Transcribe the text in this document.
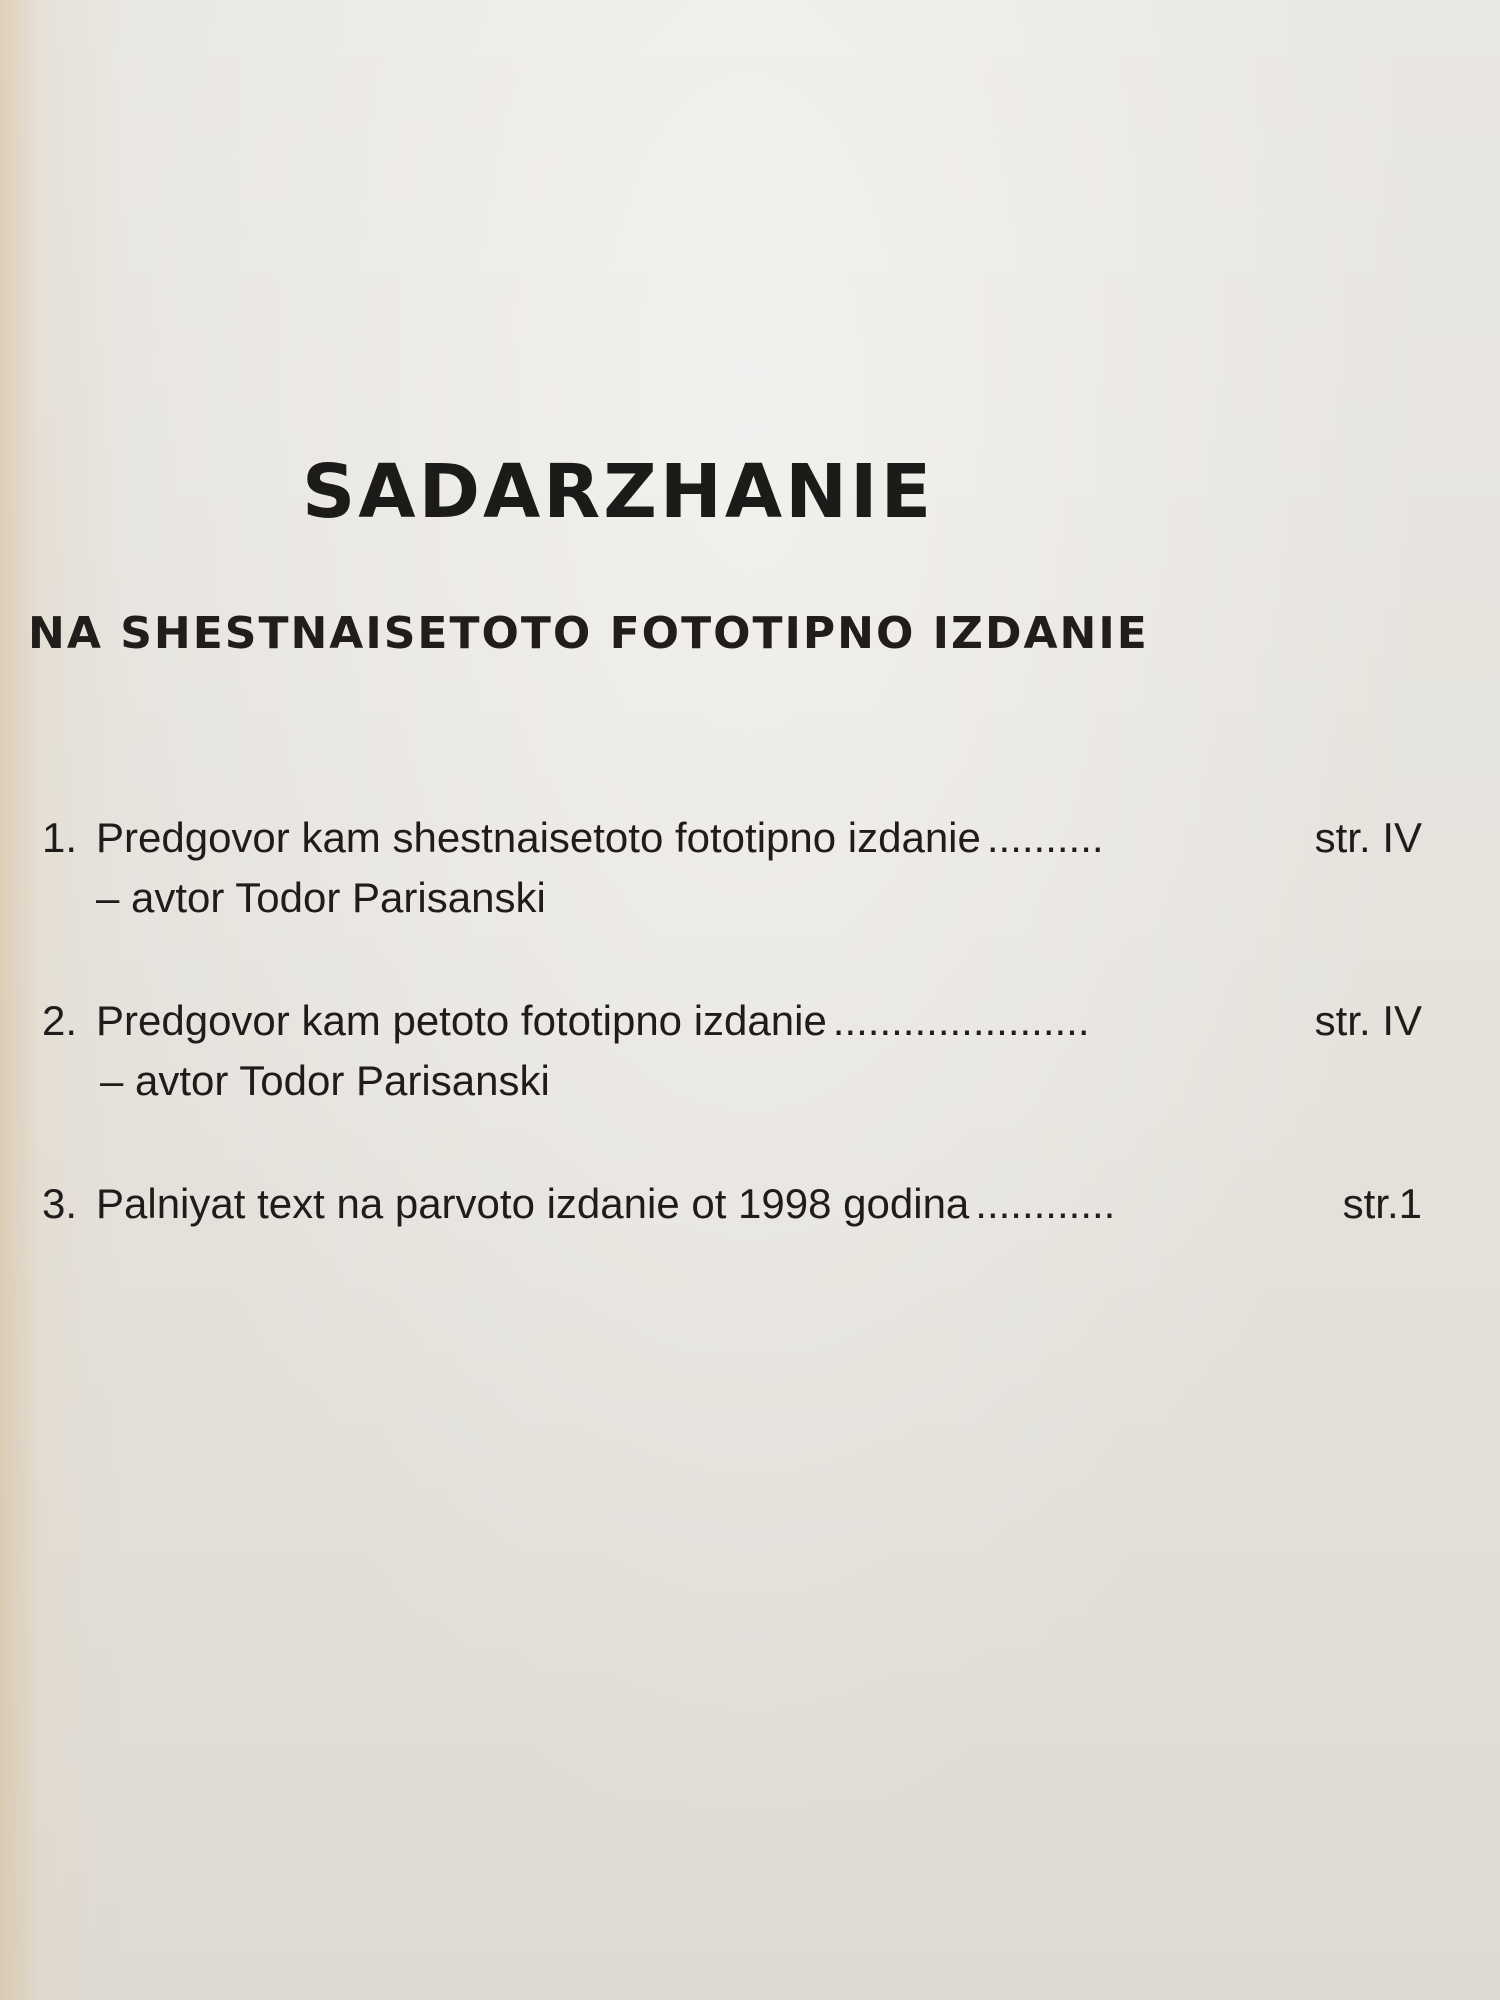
SADARZHANIE
NA SHESTNAISETOTO FOTOTIPNO IZDANIE
1. Predgovor kam shestnaisetoto fototipno izdanie ..........	str. IV
– avtor Todor Parisanski
2. Predgovor kam petoto fototipno izdanie ......................	str. IV
– avtor Todor Parisanski
3. Palniyat text na parvoto izdanie ot 1998 godina ............	str.1
